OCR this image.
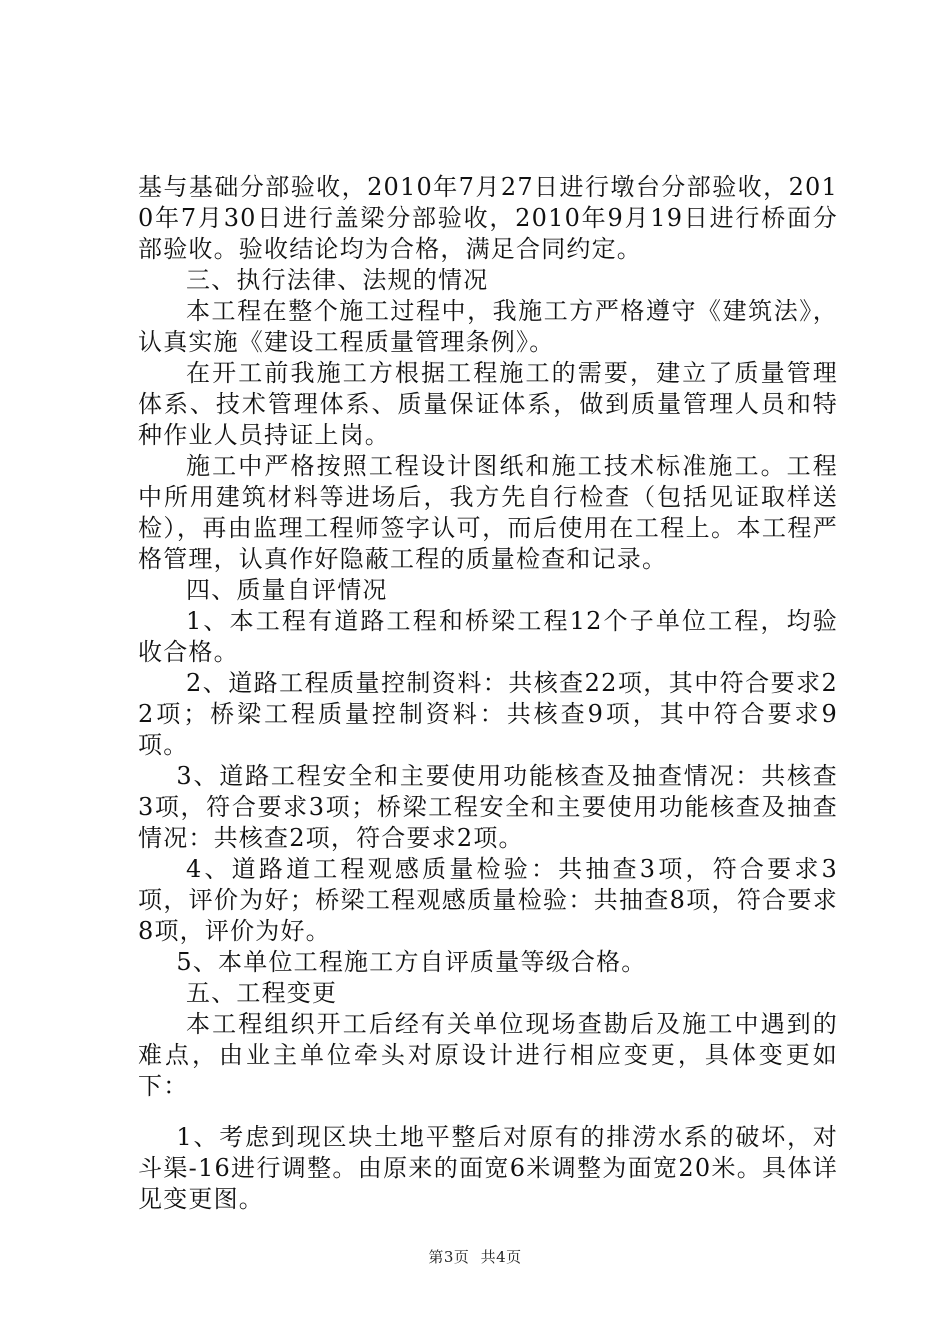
基与基础分部验收，2010年7月27日进行墩台分部验收，2010年7月30日进行盖梁分部验收，2010年9月19日进行桥面分部验收。验收结论均为合格，满足合同约定。

三、执行法律、法规的情况

本工程在整个施工过程中，我施工方严格遵守《建筑法》，认真实施《建设工程质量管理条例》。

在开工前我施工方根据工程施工的需要，建立了质量管理体系、技术管理体系、质量保证体系，做到质量管理人员和特种作业人员持证上岗。

施工中严格按照工程设计图纸和施工技术标准施工。工程中所用建筑材料等进场后，我方先自行检查（包括见证取样送检），再由监理工程师签字认可，而后使用在工程上。本工程严格管理，认真作好隐蔽工程的质量检查和记录。

四、质量自评情况

1、本工程有道路工程和桥梁工程12个子单位工程，均验收合格。

2、道路工程质量控制资料：共核查22项，其中符合要求22项；桥梁工程质量控制资料：共核查9项，其中符合要求9项。

3、道路工程安全和主要使用功能核查及抽查情况：共核查3项，符合要求3项；桥梁工程安全和主要使用功能核查及抽查情况：共核查2项，符合要求2项。

4、道路道工程观感质量检验：共抽查3项，符合要求3项，评价为好；桥梁工程观感质量检验：共抽查8项，符合要求8项，评价为好。

5、本单位工程施工方自评质量等级合格。

五、工程变更

本工程组织开工后经有关单位现场查勘后及施工中遇到的难点，由业主单位牵头对原设计进行相应变更，具体变更如下：

1、考虑到现区块土地平整后对原有的排涝水系的破坏，对斗渠-16进行调整。由原来的面宽6米调整为面宽20米。具体详见变更图。

第3页 共4页
